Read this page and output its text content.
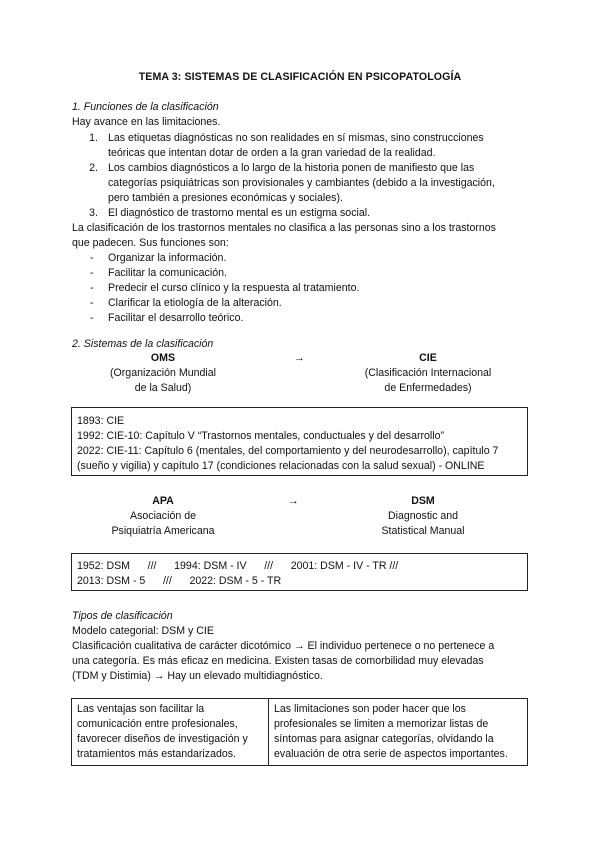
TEMA 3: SISTEMAS DE CLASIFICACIÓN EN PSICOPATOLOGÍA
1. Funciones de la clasificación
Hay avance en las limitaciones.
1. Las etiquetas diagnósticas no son realidades en sí mismas, sino construcciones
teóricas que intentan dotar de orden a la gran variedad de la realidad.
2. Los cambios diagnósticos a lo largo de la historia ponen de manifiesto que las
categorías psiquiátricas son provisionales y cambiantes (debido a la investigación,
pero también a presiones económicas y sociales).
3. El diagnóstico de trastorno mental es un estigma social.
La clasificación de los trastornos mentales no clasifica a las personas sino a los trastornos
que padecen. Sus funciones son:
- Organizar la información.
- Facilitar la comunicación.
- Predecir el curso clínico y la respuesta al tratamiento.
- Clarificar la etiología de la alteración.
- Facilitar el desarrollo teórico.
2. Sistemas de la clasificación
OMS
(Organización Mundial
de la Salud)
→	CIE
(Clasificación Internacional
de Enfermedades)
1893: CIE
1992: CIE-10: Capítulo V “Trastornos mentales, conductuales y del desarrollo”
2022: CIE-11: Capítulo 6 (mentales, del comportamiento y del neurodesarrollo), capítulo 7
(sueño y vigilia) y capítulo 17 (condiciones relacionadas con la salud sexual) - ONLINE
APA
Asociación de
Psiquiatría Americana
→	DSM
Diagnostic and
Statistical Manual
1952: DSM      ///      1994: DSM - IV      ///      2001: DSM - IV - TR ///
2013: DSM - 5      ///      2022: DSM - 5 - TR
Tipos de clasificación
Modelo categorial: DSM y CIE
Clasificación cualitativa de carácter dicotómico → El individuo pertenece o no pertenece a
una categoría. Es más eficaz en medicina. Existen tasas de comorbilidad muy elevadas
(TDM y Distimia) → Hay un elevado multidiagnóstico.
Las ventajas son facilitar la
comunicación entre profesionales,
favorecer diseños de investigación y
tratamientos más estandarizados.

Las limitaciones son poder hacer que los
profesionales se limiten a memorizar listas de
síntomas para asignar categorías, olvidando la
evaluación de otra serie de aspectos importantes.
